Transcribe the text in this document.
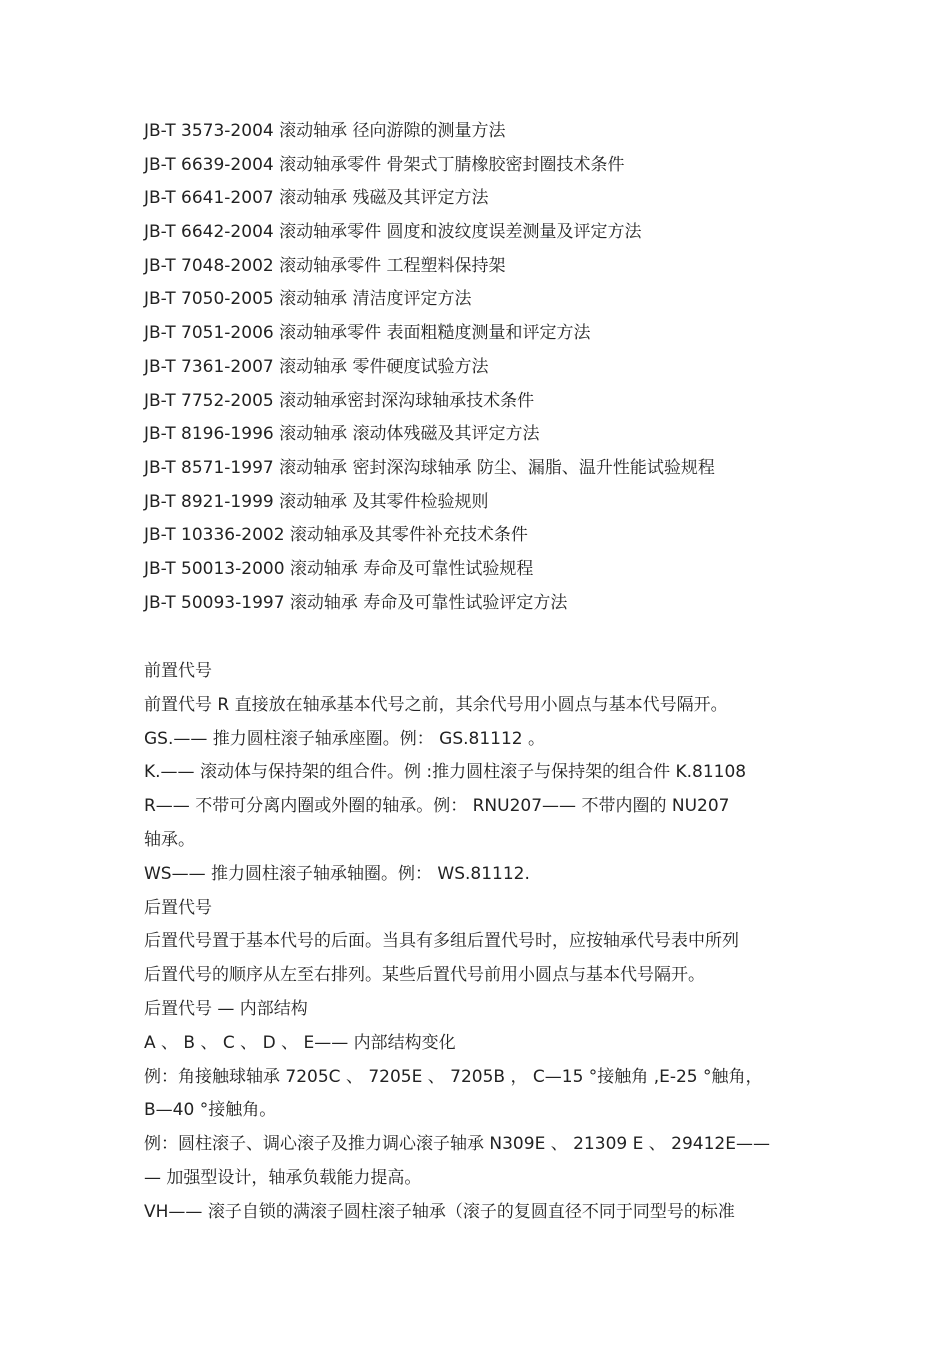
JB-T 3573-2004 滚动轴承 径向游隙的测量方法
JB-T 6639-2004 滚动轴承零件 骨架式丁腈橡胶密封圈技术条件
JB-T 6641-2007 滚动轴承 残磁及其评定方法
JB-T 6642-2004 滚动轴承零件 圆度和波纹度误差测量及评定方法
JB-T 7048-2002 滚动轴承零件 工程塑料保持架
JB-T 7050-2005 滚动轴承 清洁度评定方法
JB-T 7051-2006 滚动轴承零件 表面粗糙度测量和评定方法
JB-T 7361-2007 滚动轴承 零件硬度试验方法
JB-T 7752-2005 滚动轴承密封深沟球轴承技术条件
JB-T 8196-1996 滚动轴承 滚动体残磁及其评定方法
JB-T 8571-1997 滚动轴承 密封深沟球轴承 防尘、漏脂、温升性能试验规程
JB-T 8921-1999 滚动轴承 及其零件检验规则
JB-T 10336-2002 滚动轴承及其零件补充技术条件
JB-T 50013-2000 滚动轴承 寿命及可靠性试验规程
JB-T 50093-1997 滚动轴承 寿命及可靠性试验评定方法
前置代号
前置代号 R 直接放在轴承基本代号之前，其余代号用小圆点与基本代号隔开。
GS.—— 推力圆柱滚子轴承座圈。例： GS.81112 。
K.—— 滚动体与保持架的组合件。例 :推力圆柱滚子与保持架的组合件 K.81108
R—— 不带可分离内圈或外圈的轴承。例： RNU207—— 不带内圈的 NU207
轴承。
WS—— 推力圆柱滚子轴承轴圈。例： WS.81112.
后置代号
后置代号置于基本代号的后面。当具有多组后置代号时，应按轴承代号表中所列
后置代号的顺序从左至右排列。某些后置代号前用小圆点与基本代号隔开。
后置代号 — 内部结构
A 、 B 、 C 、 D 、 E—— 内部结构变化
例：角接触球轴承 7205C 、 7205E 、 7205B ， C—15 °接触角 ,E-25 °触角，
B—40 °接触角。
例：圆柱滚子、调心滚子及推力调心滚子轴承 N309E 、 21309 E 、 29412E——
— 加强型设计，轴承负载能力提高。
VH—— 滚子自锁的满滚子圆柱滚子轴承（滚子的复圆直径不同于同型号的标准
